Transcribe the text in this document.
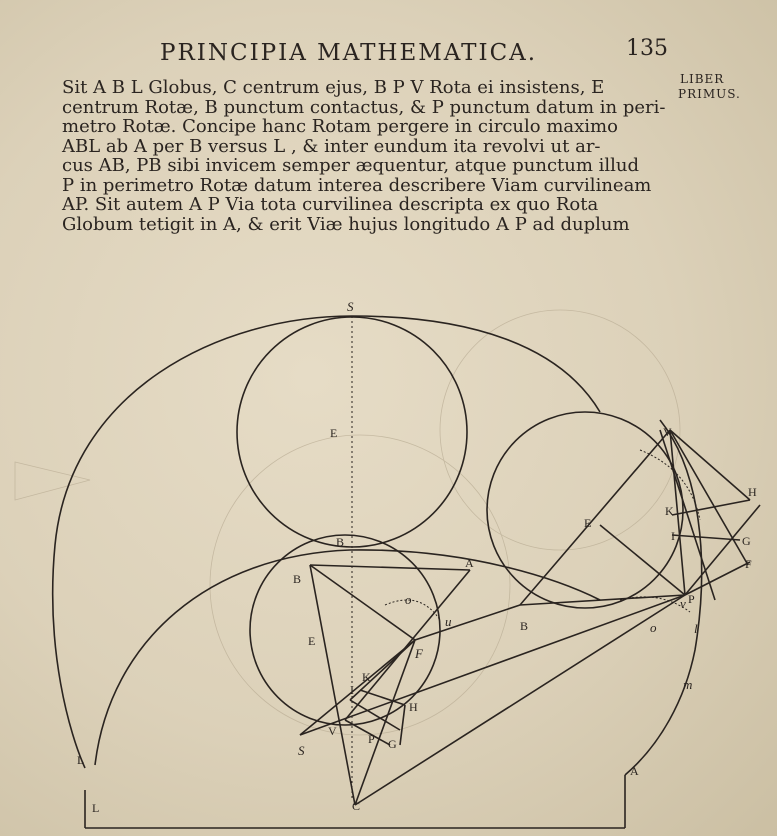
PRINCIPIA MATHEMATICA.	135
LIBER
PRIMUS.
Sit A B L Globus, C centrum ejus, B P V Rota ei insistens, E
centrum Rotæ, B punctum contactus, & P punctum datum in peri-
metro Rotæ. Concipe hanc Rotam pergere in circulo maximo
ABL ab A per B versus L , & inter eundum ita revolvi ut ar-
cus AB, PB sibi invicem semper æquentur, atque punctum illud
P in perimetro Rotæ datum interea describere Viam curvilineam
AP. Sit autem A P Via tota curvilinea descripta ex quo Rota
Globum tetigit in A, & erit Viæ hujus longitudo A P ad duplum
S
E
B
V
H
K
E
I	G
F
P
v
o	l
m
A
B
B
E
F
o
u
K
I
H
V
P G
S
L
L	C
A
